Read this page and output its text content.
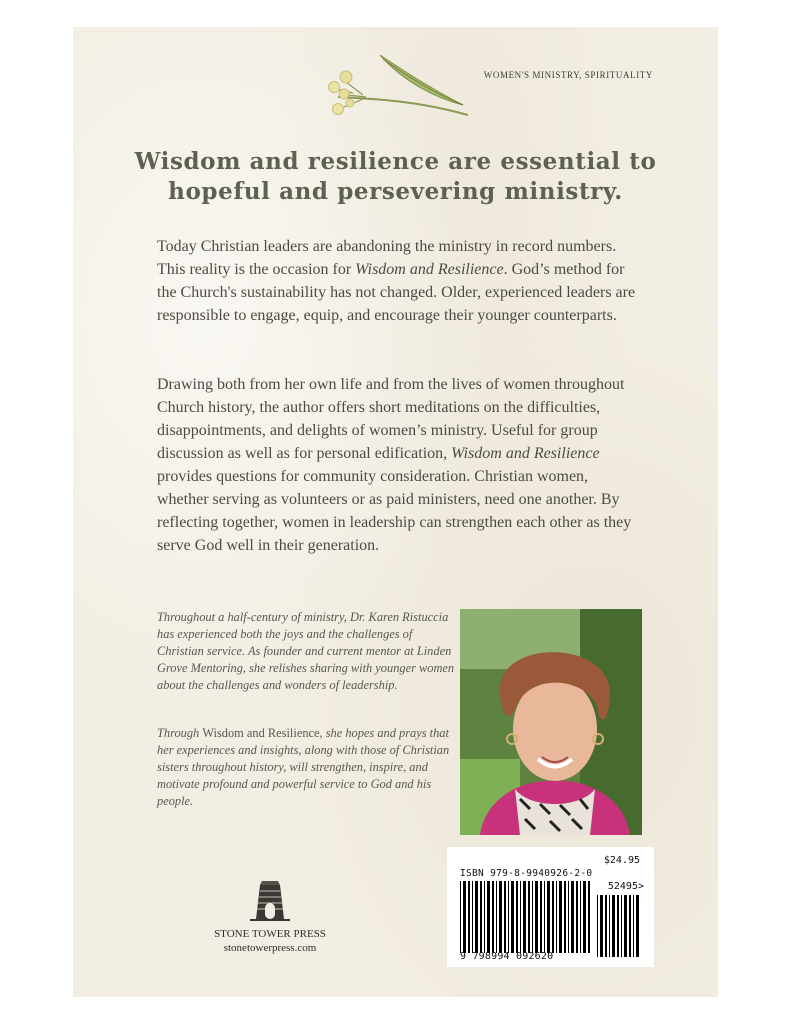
WOMEN'S MINISTRY, SPIRITUALITY
Wisdom and resilience are essential to
hopeful and persevering ministry.
Today Christian leaders are abandoning the ministry in record numbers. This reality is the occasion for Wisdom and Resilience. God’s method for the Church's sustainability has not changed. Older, experienced leaders are responsible to engage, equip, and encourage their younger counterparts.
Drawing both from her own life and from the lives of women throughout Church history, the author offers short meditations on the difficulties, disappointments, and delights of women’s ministry. Useful for group discussion as well as for personal edification, Wisdom and Resilience provides questions for community consideration. Christian women, whether serving as volunteers or as paid ministers, need one another. By reflecting together, women in leadership can strengthen each other as they serve God well in their generation.
Throughout a half-century of ministry, Dr. Karen Ristuccia has experienced both the joys and the challenges of Christian service. As founder and current mentor at Linden Grove Mentoring, she relishes sharing with younger women about the challenges and wonders of leadership.
Through Wisdom and Resilience, she hopes and prays that her experiences and insights, along with those of Christian sisters throughout history, will strengthen, inspire, and motivate profound and powerful service to God and his people.
STONE TOWER PRESS
stonetowerpress.com
$24.95
ISBN 979-8-9940926-2-0
52495>
9 798994 092620
